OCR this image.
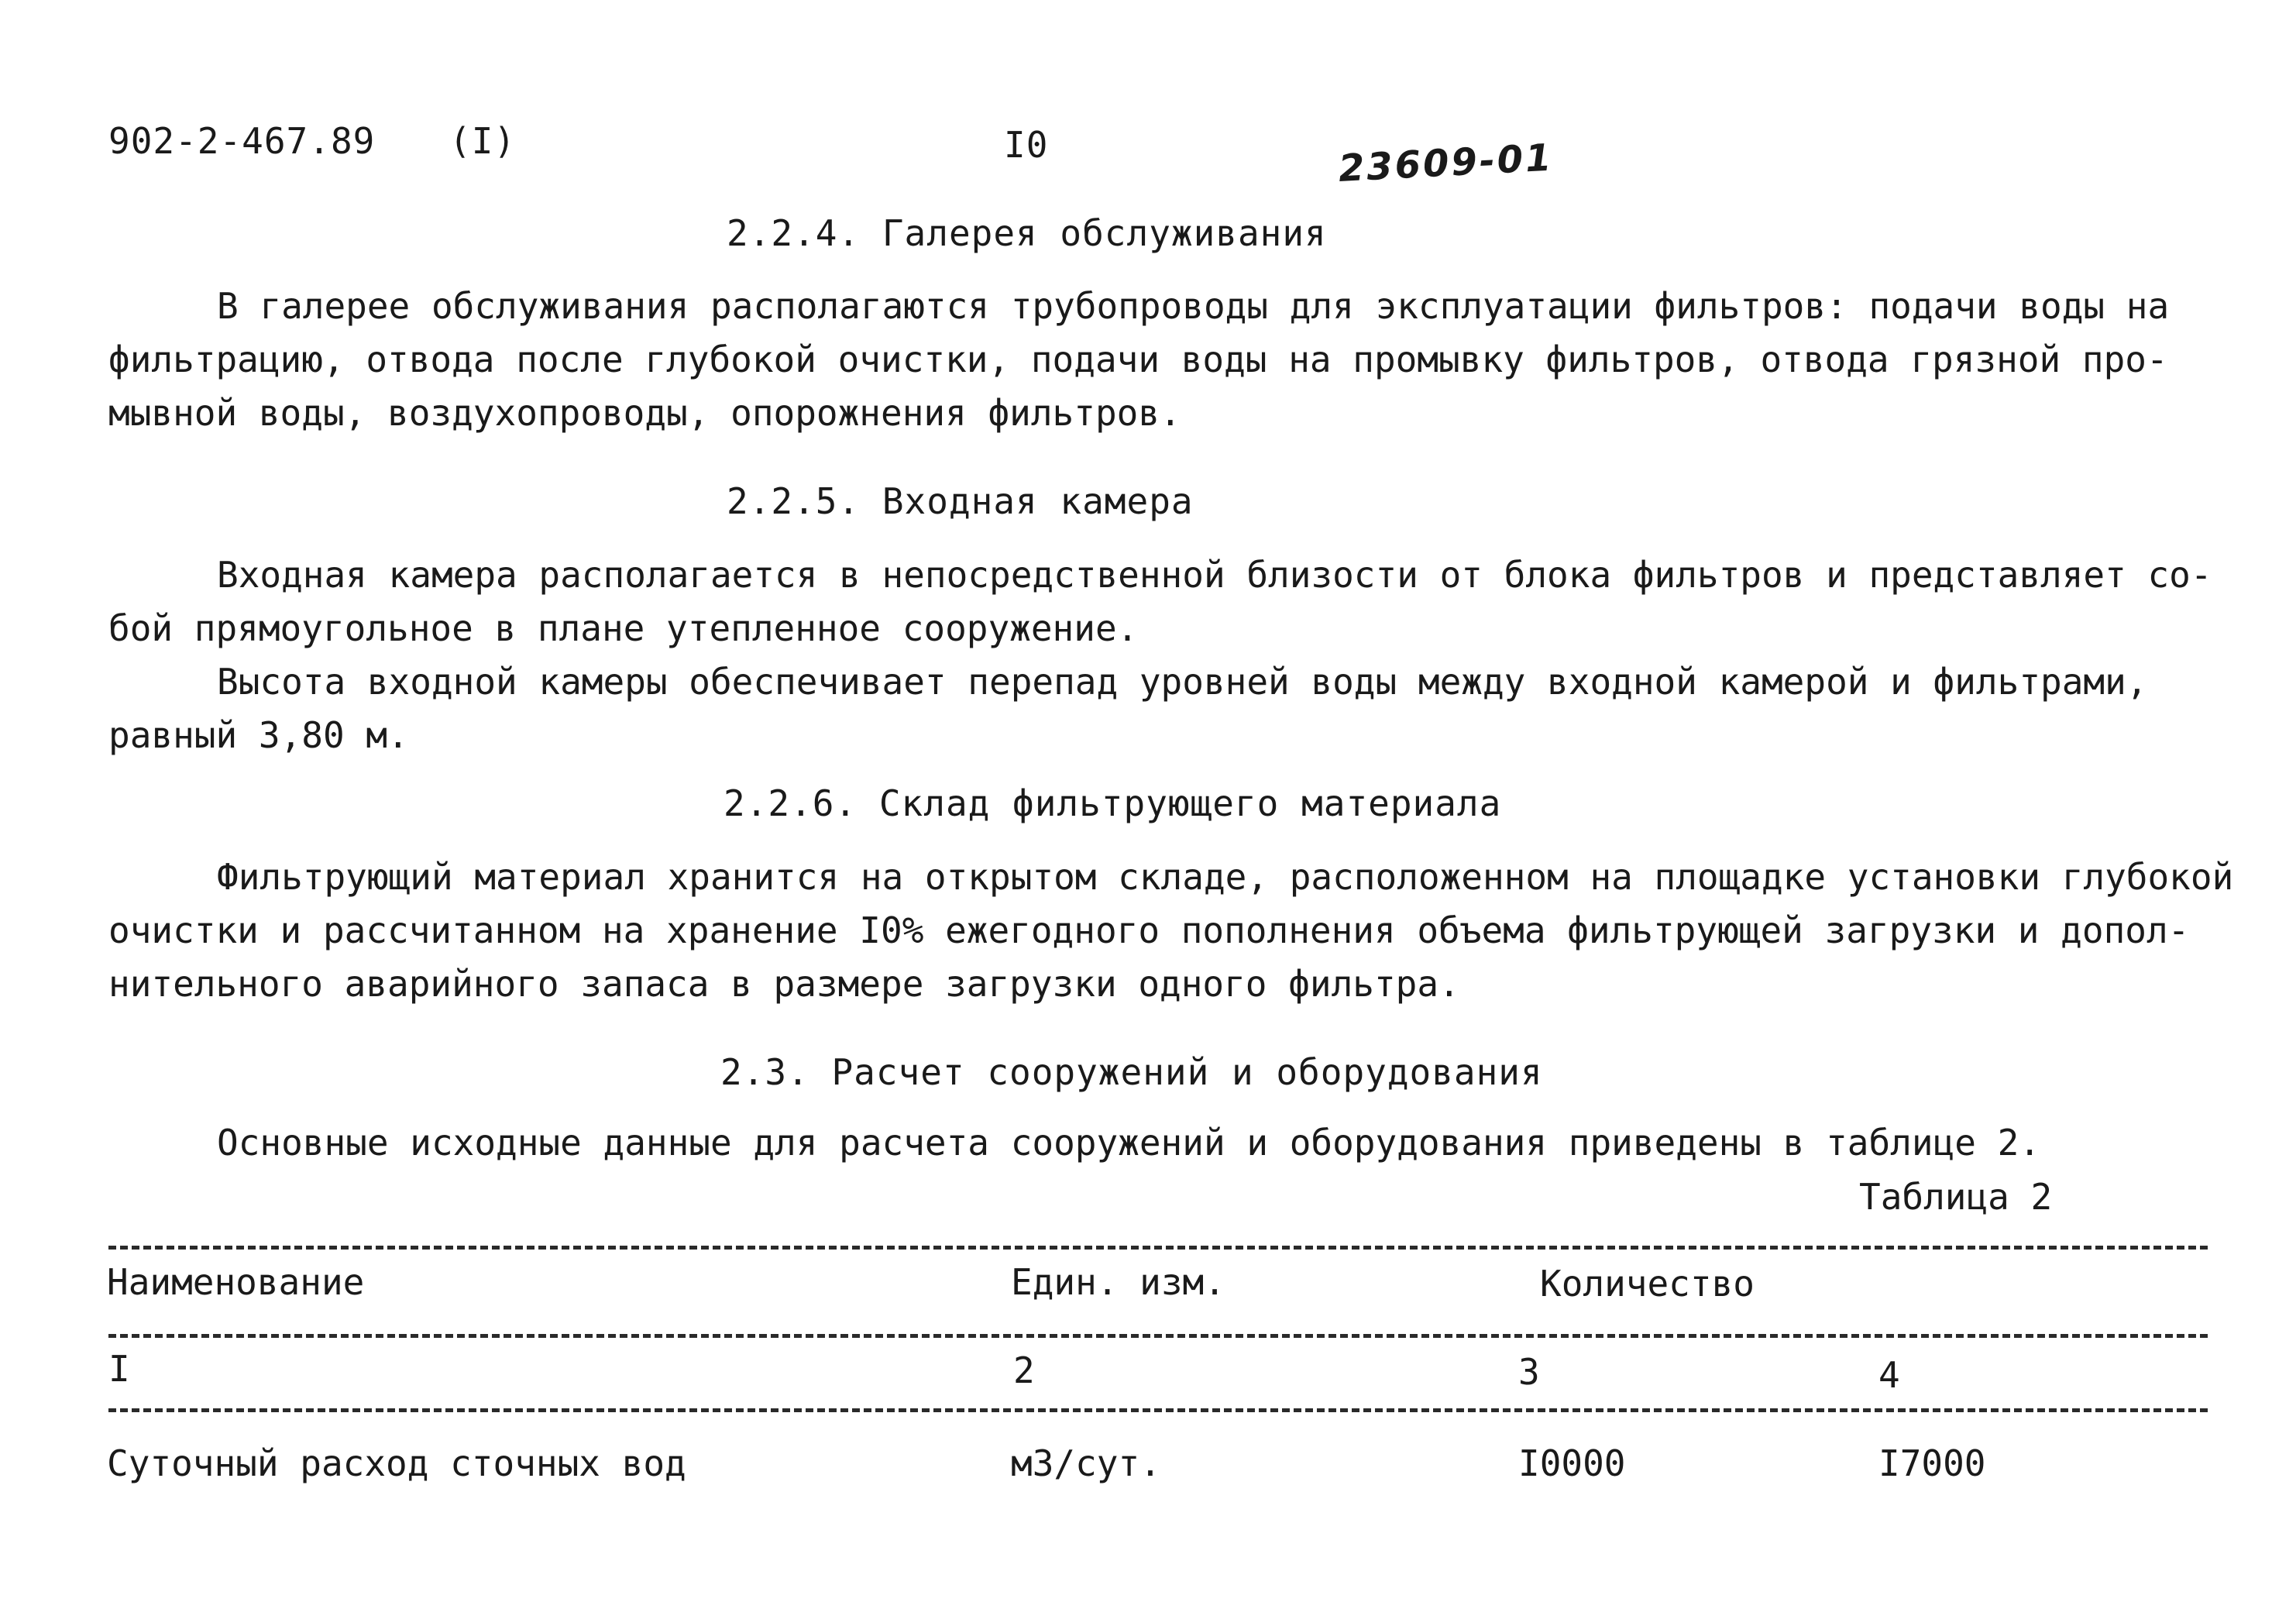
902-2-467.89 (I)	I0	23609-01
2.2.4. Галерея обслуживания
В галерее обслуживания располагаются трубопроводы для эксплуатации фильтров: подачи воды на
фильтрацию, отвода после глубокой очистки, подачи воды на промывку фильтров, отвода грязной про-
мывной воды, воздухопроводы, опорожнения фильтров.
2.2.5. Входная камера
Входная камера располагается в непосредственной близости от блока фильтров и представляет со-
бой прямоугольное в плане утепленное сооружение.
Высота входной камеры обеспечивает перепад уровней воды между входной камерой и фильтрами,
равный 3,80 м.
2.2.6. Склад фильтрующего материала
Фильтрующий материал хранится на открытом складе, расположенном на площадке установки глубокой
очистки и рассчитанном на хранение I0% ежегодного пополнения объема фильтрующей загрузки и допол-
нительного аварийного запаса в размере загрузки одного фильтра.
2.3. Расчет сооружений и оборудования
Основные исходные данные для расчета сооружений и оборудования приведены в таблице 2.
Таблица 2
Наименование	Един. изм.	Количество
I	2	3	4
Суточный расход сточных вод	м3/сут.	I0000	I7000
